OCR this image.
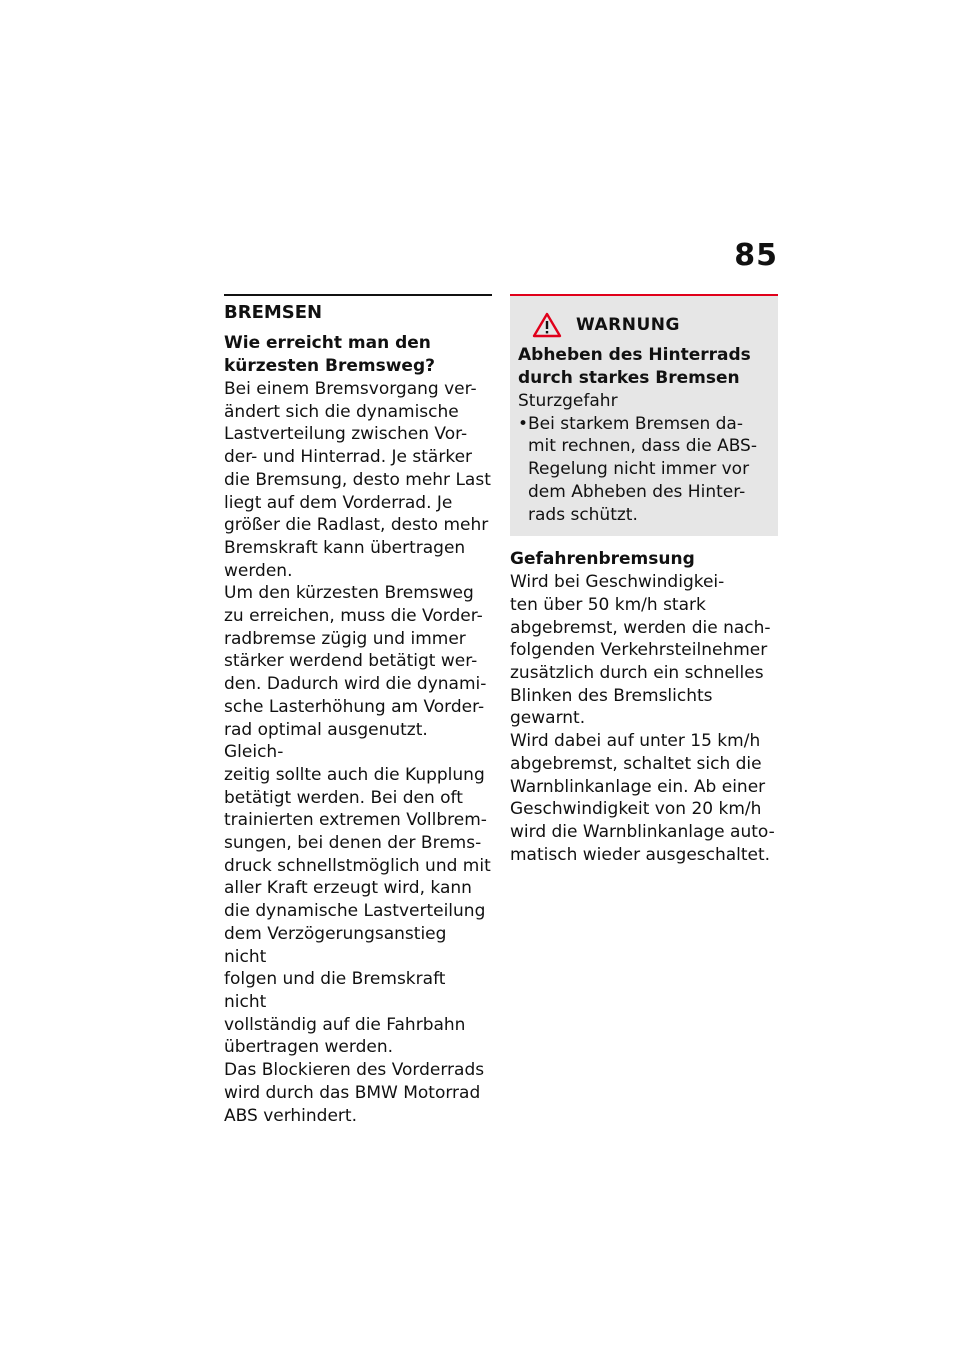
85
BREMSEN
Wie erreicht man den
kürzesten Bremsweg?
Bei einem Bremsvorgang ver-
ändert sich die dynamische
Lastverteilung zwischen Vor-
der- und Hinterrad. Je stärker
die Bremsung, desto mehr Last
liegt auf dem Vorderrad. Je
größer die Radlast, desto mehr
Bremskraft kann übertragen
werden.
Um den kürzesten Bremsweg
zu erreichen, muss die Vorder-
radbremse zügig und immer
stärker werdend betätigt wer-
den. Dadurch wird die dynami-
sche Lasterhöhung am Vorder-
rad optimal ausgenutzt. Gleich-
zeitig sollte auch die Kupplung
betätigt werden. Bei den oft
trainierten extremen Vollbrem-
sungen, bei denen der Brems-
druck schnellstmöglich und mit
aller Kraft erzeugt wird, kann
die dynamische Lastverteilung
dem Verzögerungsanstieg nicht
folgen und die Bremskraft nicht
vollständig auf die Fahrbahn
übertragen werden.
Das Blockieren des Vorderrads
wird durch das BMW Motorrad
ABS verhindert.
WARNUNG
Abheben des Hinterrads
durch starkes Bremsen
Sturzgefahr
• Bei starkem Bremsen da-
mit rechnen, dass die ABS-
Regelung nicht immer vor
dem Abheben des Hinter-
rads schützt.
Gefahrenbremsung
Wird bei Geschwindigkei-
ten über 50 km/h stark
abgebremst, werden die nach-
folgenden Verkehrsteilnehmer
zusätzlich durch ein schnelles
Blinken des Bremslichts
gewarnt.
Wird dabei auf unter 15 km/h
abgebremst, schaltet sich die
Warnblinkanlage ein. Ab einer
Geschwindigkeit von 20 km/h
wird die Warnblinkanlage auto-
matisch wieder ausgeschaltet.
